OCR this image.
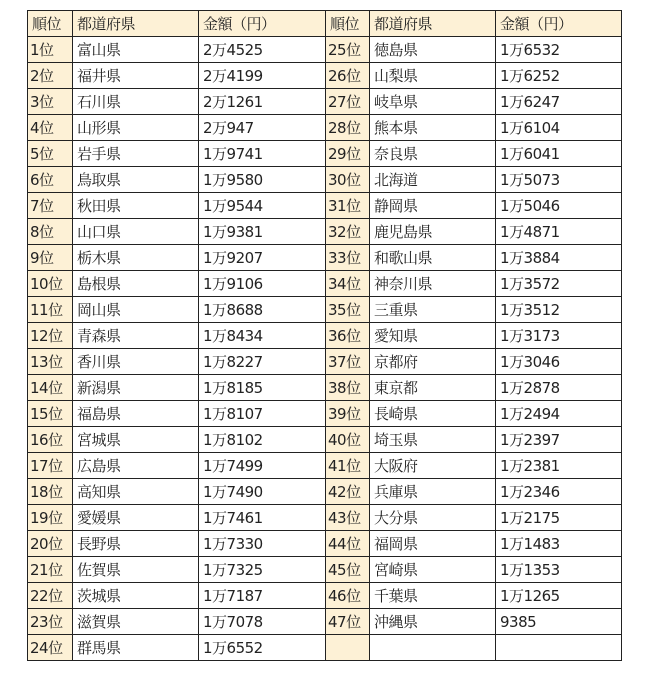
順位	都道府県	金額（円）	順位	都道府県	金額（円）
1位	富山県	2万4525	25位	徳島県	1万6532
2位	福井県	2万4199	26位	山梨県	1万6252
3位	石川県	2万1261	27位	岐阜県	1万6247
4位	山形県	2万947	28位	熊本県	1万6104
5位	岩手県	1万9741	29位	奈良県	1万6041
6位	鳥取県	1万9580	30位	北海道	1万5073
7位	秋田県	1万9544	31位	静岡県	1万5046
8位	山口県	1万9381	32位	鹿児島県	1万4871
9位	栃木県	1万9207	33位	和歌山県	1万3884
10位	島根県	1万9106	34位	神奈川県	1万3572
11位	岡山県	1万8688	35位	三重県	1万3512
12位	青森県	1万8434	36位	愛知県	1万3173
13位	香川県	1万8227	37位	京都府	1万3046
14位	新潟県	1万8185	38位	東京都	1万2878
15位	福島県	1万8107	39位	長崎県	1万2494
16位	宮城県	1万8102	40位	埼玉県	1万2397
17位	広島県	1万7499	41位	大阪府	1万2381
18位	高知県	1万7490	42位	兵庫県	1万2346
19位	愛媛県	1万7461	43位	大分県	1万2175
20位	長野県	1万7330	44位	福岡県	1万1483
21位	佐賀県	1万7325	45位	宮崎県	1万1353
22位	茨城県	1万7187	46位	千葉県	1万1265
23位	滋賀県	1万7078	47位	沖縄県	9385
24位	群馬県	1万6552			
